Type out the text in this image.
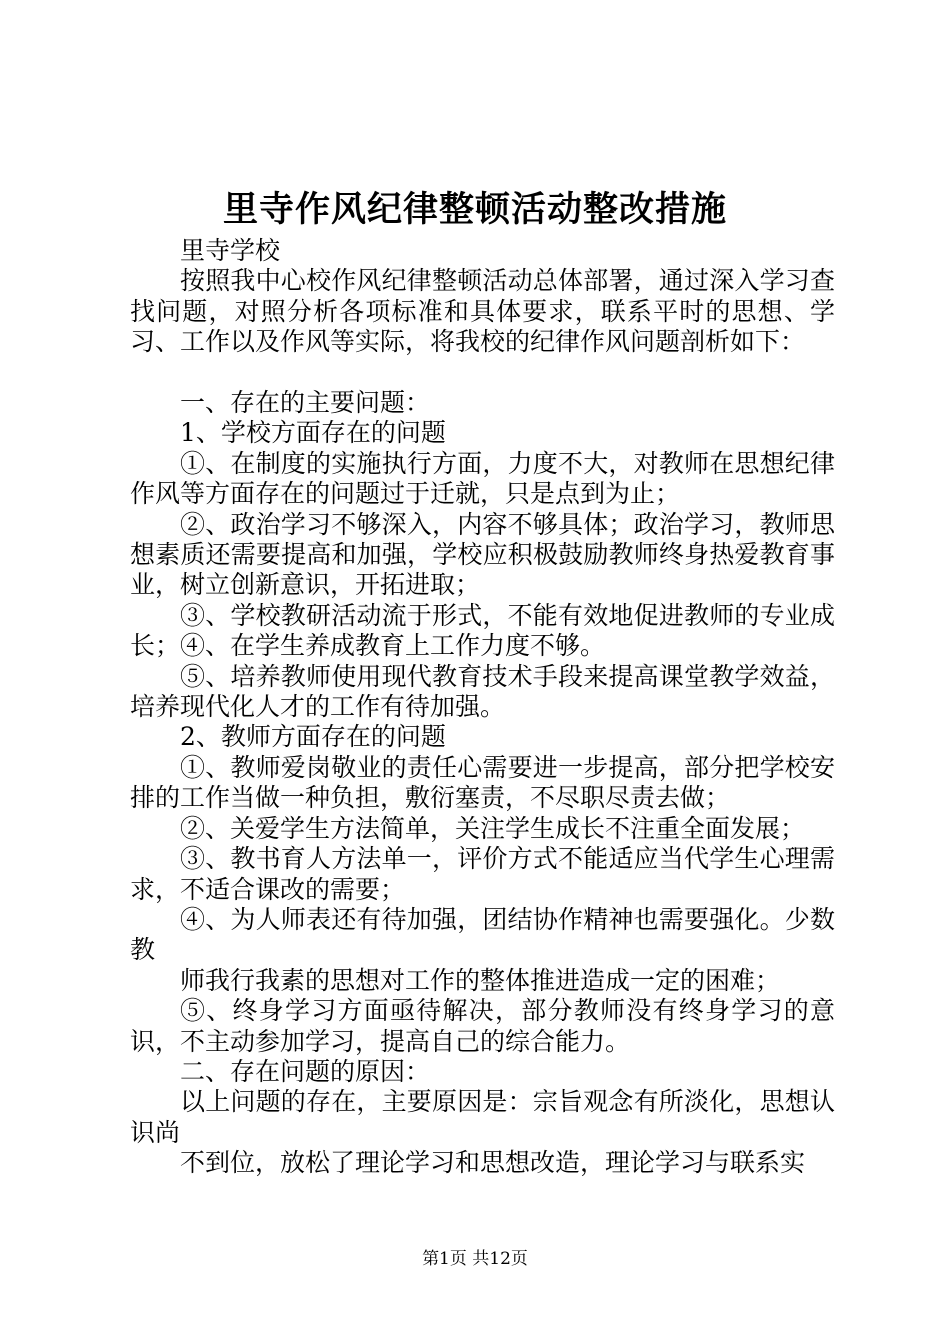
里寺作风纪律整顿活动整改措施

里寺学校

按照我中心校作风纪律整顿活动总体部署，通过深入学习查找问题，对照分析各项标准和具体要求，联系平时的思想、学习、工作以及作风等实际，将我校的纪律作风问题剖析如下：

一、存在的主要问题：

1、学校方面存在的问题

①、在制度的实施执行方面，力度不大，对教师在思想纪律作风等方面存在的问题过于迁就，只是点到为止；

②、政治学习不够深入，内容不够具体；政治学习，教师思想素质还需要提高和加强，学校应积极鼓励教师终身热爱教育事业，树立创新意识，开拓进取；

③、学校教研活动流于形式，不能有效地促进教师的专业成长；④、在学生养成教育上工作力度不够。

⑤、培养教师使用现代教育技术手段来提高课堂教学效益，培养现代化人才的工作有待加强。

2、教师方面存在的问题

①、教师爱岗敬业的责任心需要进一步提高，部分把学校安排的工作当做一种负担，敷衍塞责，不尽职尽责去做；

②、关爱学生方法简单，关注学生成长不注重全面发展；

③、教书育人方法单一，评价方式不能适应当代学生心理需求，不适合课改的需要；

④、为人师表还有待加强，团结协作精神也需要强化。少数教

师我行我素的思想对工作的整体推进造成一定的困难；

⑤、终身学习方面亟待解决，部分教师没有终身学习的意识，不主动参加学习，提高自己的综合能力。

二、存在问题的原因：

以上问题的存在，主要原因是：宗旨观念有所淡化，思想认识尚

不到位，放松了理论学习和思想改造，理论学习与联系实

第1页 共12页
